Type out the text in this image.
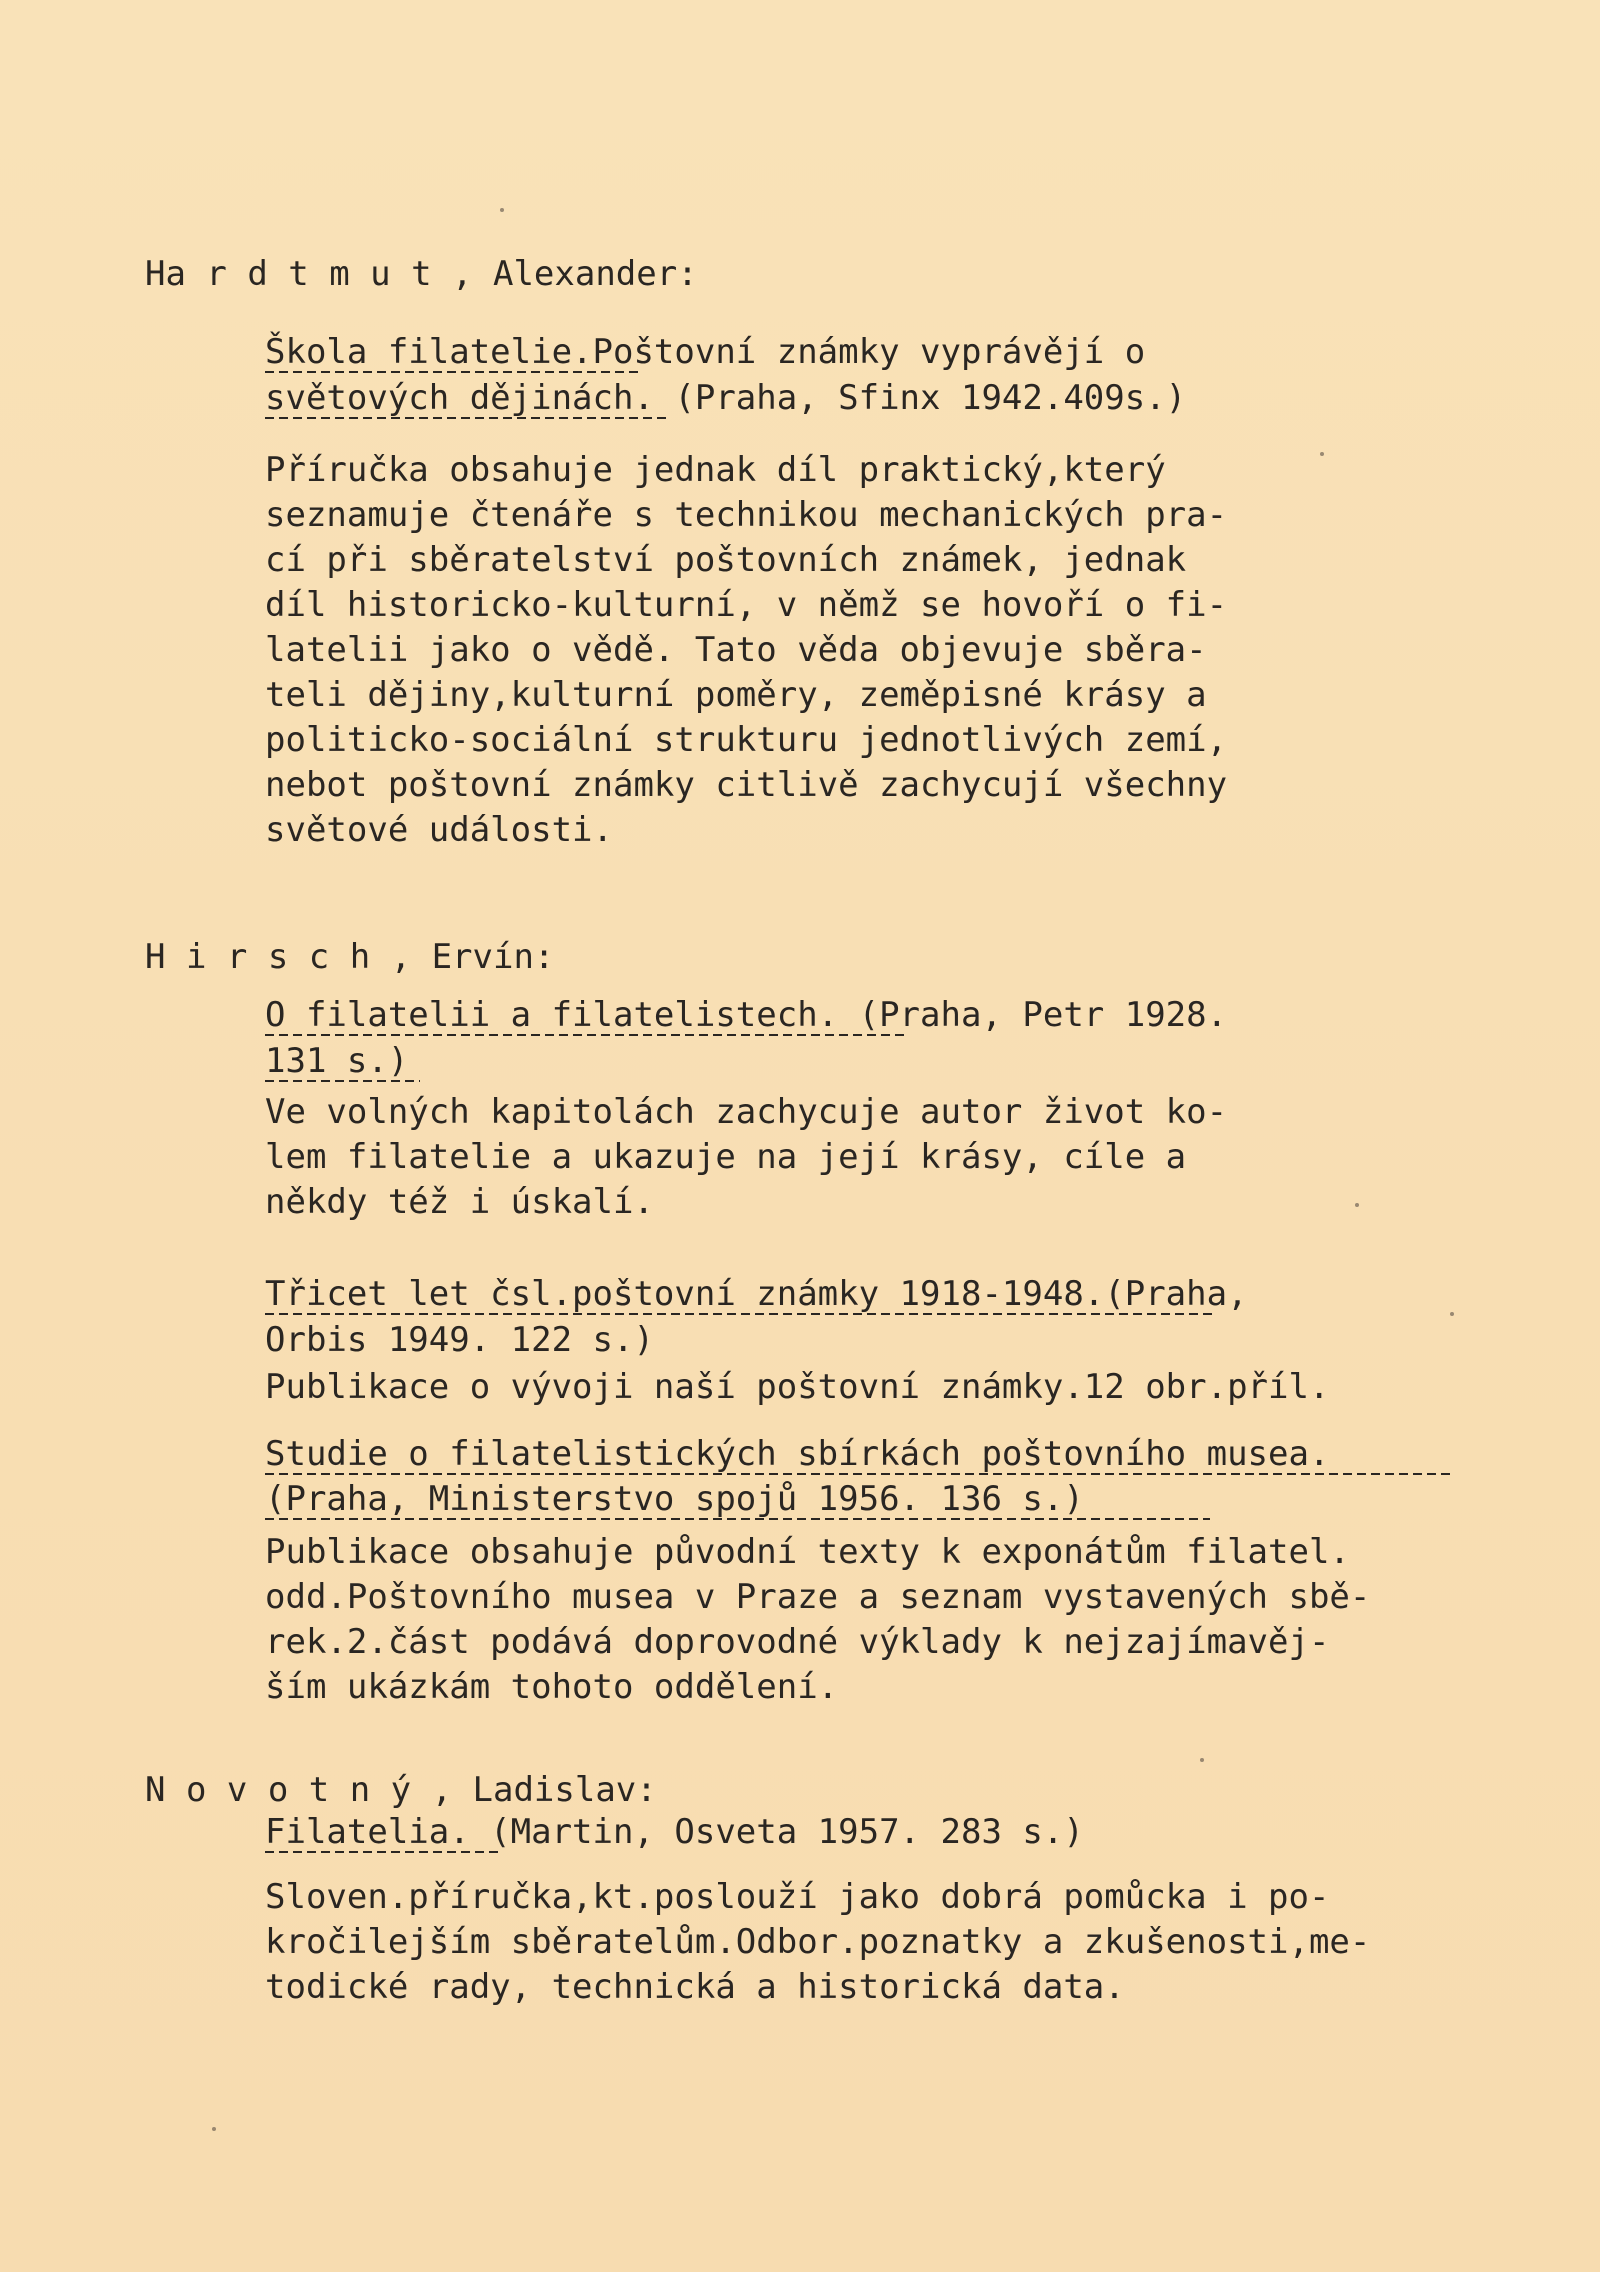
Ha r d t m u t , Alexander:
Škola filatelie.Poštovní známky vyprávějí o
světových dějinách. (Praha, Sfinx 1942.409s.)
Příručka obsahuje jednak díl praktický,který
seznamuje čtenáře s technikou mechanických pra-
cí při sběratelství poštovních známek, jednak
díl historicko-kulturní, v němž se hovoří o fi-
latelii jako o vědě. Tato věda objevuje sběra-
teli dějiny,kulturní poměry, zeměpisné krásy a
politicko-sociální strukturu jednotlivých zemí,
nebot poštovní známky citlivě zachycují všechny
světové události.
H i r s c h , Ervín:
O filatelii a filatelistech. (Praha, Petr 1928.
131 s.)
Ve volných kapitolách zachycuje autor život ko-
lem filatelie a ukazuje na její krásy, cíle a
někdy též i úskalí.
Třicet let čsl.poštovní známky 1918-1948.(Praha,
Orbis 1949. 122 s.)
Publikace o vývoji naší poštovní známky.12 obr.příl.
Studie o filatelistických sbírkách poštovního musea.
(Praha, Ministerstvo spojů 1956. 136 s.)
Publikace obsahuje původní texty k exponátům filatel.
odd.Poštovního musea v Praze a seznam vystavených sbě-
rek.2.část podává doprovodné výklady k nejzajímavěj-
ším ukázkám tohoto oddělení.
N o v o t n ý , Ladislav:
Filatelia. (Martin, Osveta 1957. 283 s.)
Sloven.příručka,kt.poslouží jako dobrá pomůcka i po-
kročilejším sběratelům.Odbor.poznatky a zkušenosti,me-
todické rady, technická a historická data.
